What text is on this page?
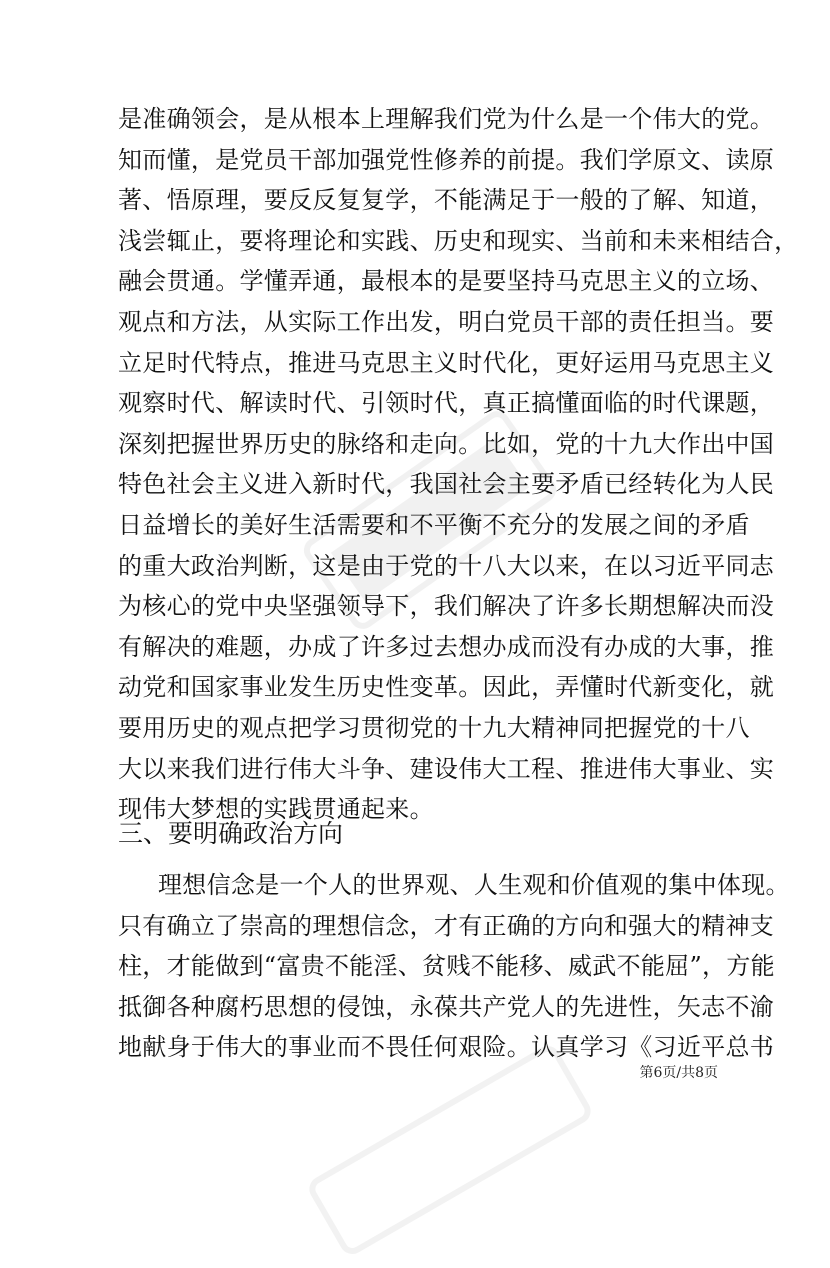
是准确领会，是从根本上理解我们党为什么是一个伟大的党。
知而懂，是党员干部加强党性修养的前提。我们学原文、读原
著、悟原理，要反反复复学，不能满足于一般的了解、知道，
浅尝辄止，要将理论和实践、历史和现实、当前和未来相结合，
融会贯通。学懂弄通，最根本的是要坚持马克思主义的立场、
观点和方法，从实际工作出发，明白党员干部的责任担当。要
立足时代特点，推进马克思主义时代化，更好运用马克思主义
观察时代、解读时代、引领时代，真正搞懂面临的时代课题，
深刻把握世界历史的脉络和走向。比如，党的十九大作出中国
特色社会主义进入新时代，我国社会主要矛盾已经转化为人民
日益增长的美好生活需要和不平衡不充分的发展之间的矛盾
的重大政治判断，这是由于党的十八大以来，在以习近平同志
为核心的党中央坚强领导下，我们解决了许多长期想解决而没
有解决的难题，办成了许多过去想办成而没有办成的大事，推
动党和国家事业发生历史性变革。因此，弄懂时代新变化，就
要用历史的观点把学习贯彻党的十九大精神同把握党的十八
大以来我们进行伟大斗争、建设伟大工程、推进伟大事业、实
现伟大梦想的实践贯通起来。
三、要明确政治方向
理想信念是一个人的世界观、人生观和价值观的集中体现。
只有确立了崇高的理想信念，才有正确的方向和强大的精神支
柱，才能做到“富贵不能淫、贫贱不能移、威武不能屈”，方能
抵御各种腐朽思想的侵蚀，永葆共产党人的先进性，矢志不渝
地献身于伟大的事业而不畏任何艰险。认真学习《习近平总书
第6页/共8页
